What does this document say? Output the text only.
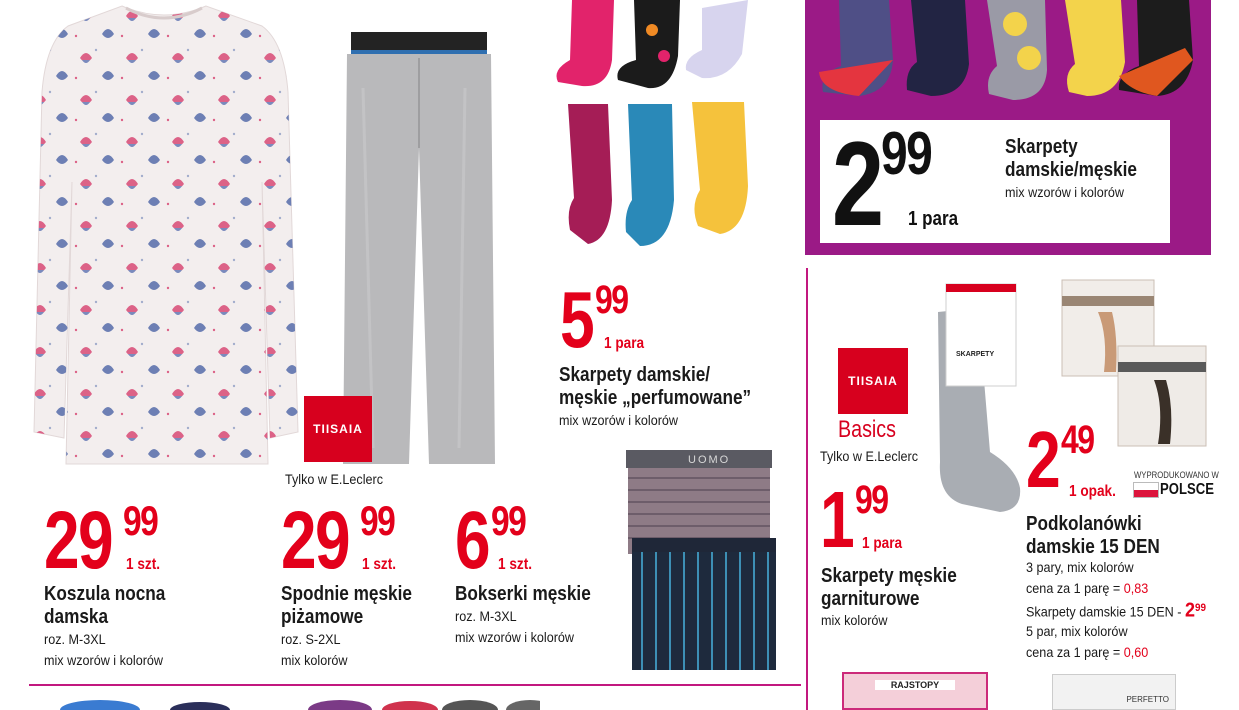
TIISAIA
Tylko w E.Leclerc
UOMO
29 99
1 szt.
Koszula nocna
damska
roz. M-3XL
mix wzorów i kolorów
29 99
1 szt.
Spodnie męskie
piżamowe
roz. S-2XL
mix kolorów
6 99
1 szt.
Bokserki męskie
roz. M-3XL
mix wzorów i kolorów
5 99
1 para
Skarpety damskie/
męskie „perfumowane”
mix wzorów i kolorów
2
99
1 para
Skarpety
damskie/męskie
mix wzorów i kolorów
TIISAIA
Basics
Tylko w E.Leclerc
SKARPETY
1 99
1 para
Skarpety męskie
garniturowe
mix kolorów
2 49
1 opak.
WYPRODUKOWANO W
POLSCE
Podkolanówki
damskie 15 DEN
3 pary, mix kolorów
cena za 1 parę = 0,83
Skarpety damskie 15 DEN - $2^{99}$
5 par, mix kolorów
cena za 1 parę = 0,60
RAJSTOPY
PERFETTO
